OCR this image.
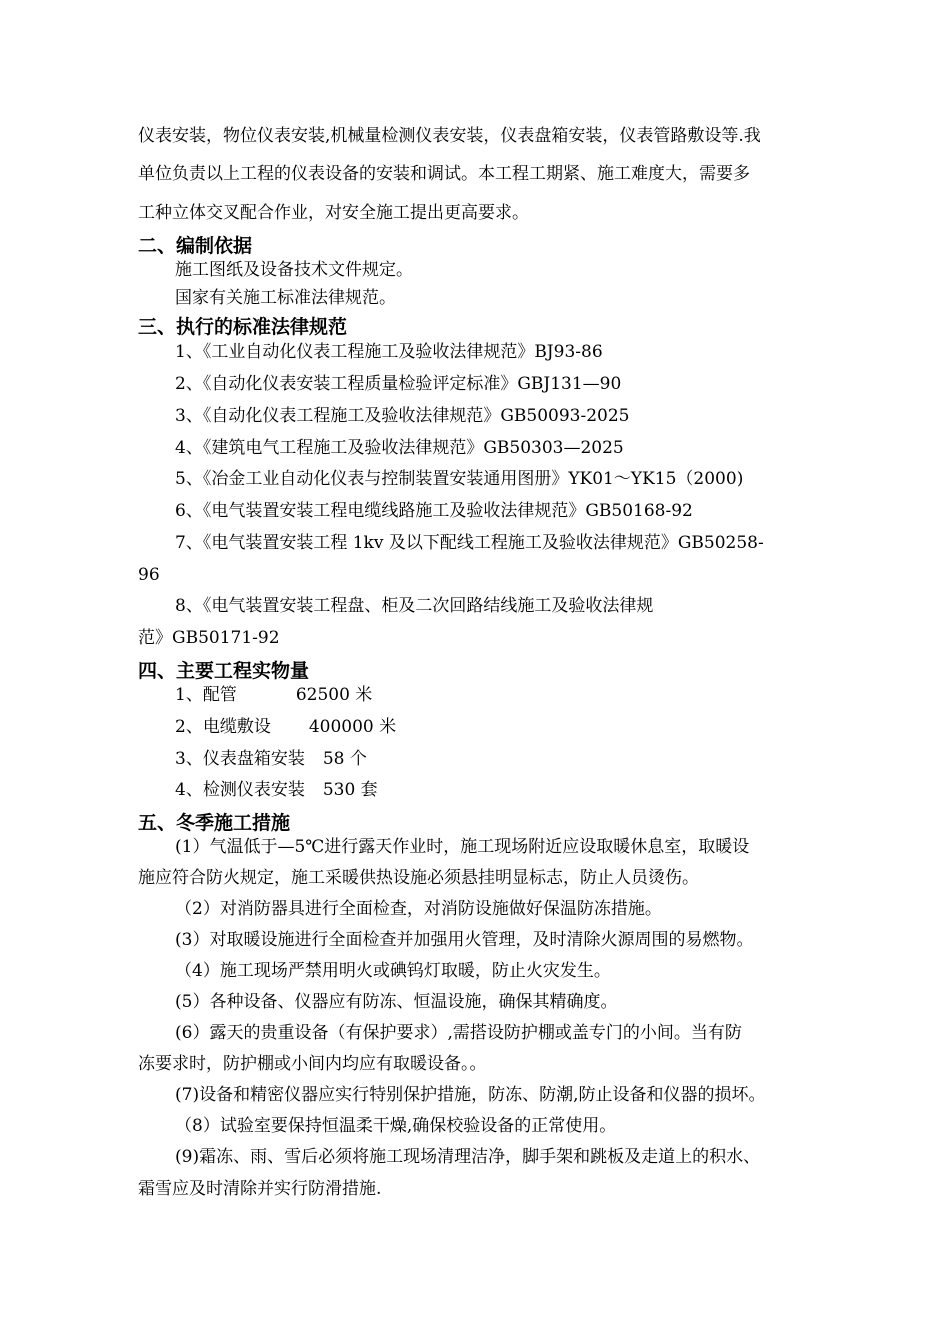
仪表安装，物位仪表安装,机械量检测仪表安装，仪表盘箱安装，仪表管路敷设等.我
单位负责以上工程的仪表设备的安装和调试。本工程工期紧、施工难度大，需要多
工种立体交叉配合作业，对安全施工提出更高要求。
二、编制依据
施工图纸及设备技术文件规定。
国家有关施工标准法律规范。
三、执行的标准法律规范
1、《工业自动化仪表工程施工及验收法律规范》BJ93-86
2、《自动化仪表安装工程质量检验评定标准》GBJ131—90
3、《自动化仪表工程施工及验收法律规范》GB50093-2025
4、《建筑电气工程施工及验收法律规范》GB50303—2025
5、《冶金工业自动化仪表与控制装置安装通用图册》YK01～YK15（2000)
6、《电气装置安装工程电缆线路施工及验收法律规范》GB50168-92
7、《电气装置安装工程 1kv 及以下配线工程施工及验收法律规范》GB50258-
96
8、《电气装置安装工程盘、柜及二次回路结线施工及验收法律规
范》GB50171-92
四、主要工程实物量
1、配管	62500 米
2、电缆敷设 400000 米
3、仪表盘箱安装 58 个
4、检测仪表安装 530 套
五、冬季施工措施
(1）气温低于—5℃进行露天作业时，施工现场附近应设取暖休息室，取暖设
施应符合防火规定，施工采暖供热设施必须悬挂明显标志，防止人员烫伤。
（2）对消防器具进行全面检查，对消防设施做好保温防冻措施。
(3）对取暖设施进行全面检查并加强用火管理，及时清除火源周围的易燃物。
（4）施工现场严禁用明火或碘钨灯取暖，防止火灾发生。
(5）各种设备、仪器应有防冻、恒温设施，确保其精确度。
(6）露天的贵重设备（有保护要求）,需搭设防护棚或盖专门的小间。当有防
冻要求时，防护棚或小间内均应有取暖设备。。
(7)设备和精密仪器应实行特别保护措施，防冻、防潮,防止设备和仪器的损坏。
（8）试验室要保持恒温柔干燥,确保校验设备的正常使用。
(9)霜冻、雨、雪后必须将施工现场清理洁净，脚手架和跳板及走道上的积水、
霜雪应及时清除并实行防滑措施.
